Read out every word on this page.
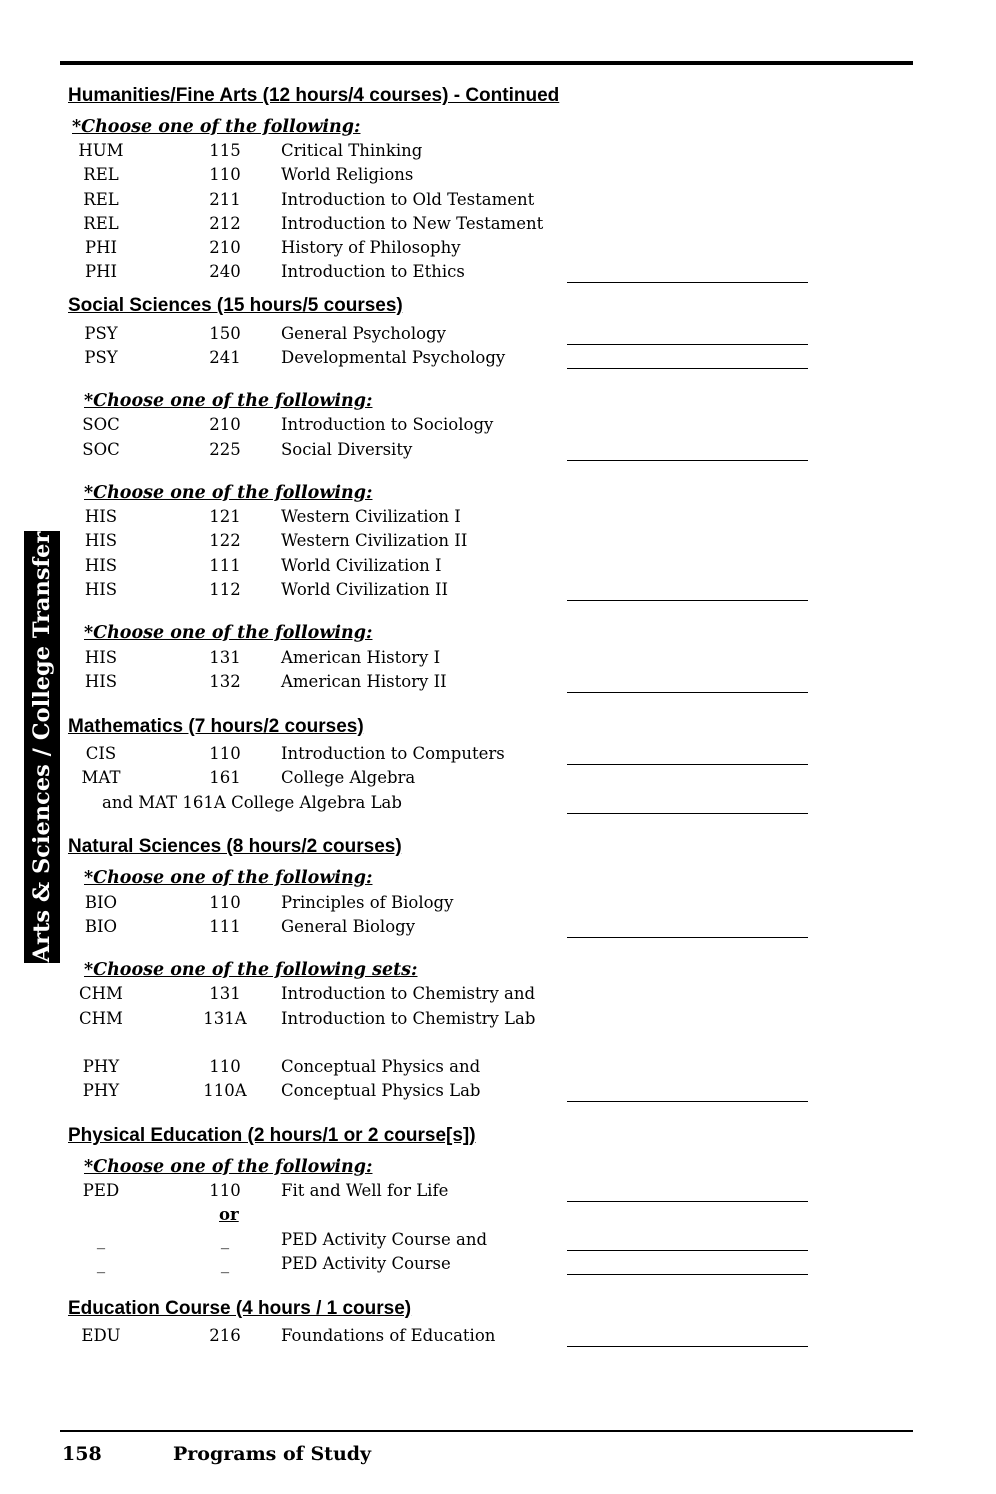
Humanities/Fine Arts (12 hours/4 courses) - Continued
*Choose one of the following:
HUM	115	Critical Thinking
REL	110	World Religions
REL	211	Introduction to Old Testament
REL	212	Introduction to New Testament
PHI	210	History of Philosophy
PHI	240	Introduction to Ethics
Social Sciences (15 hours/5 courses)
PSY	150	General Psychology
PSY	241	Developmental Psychology
*Choose one of the following:
SOC	210	Introduction to Sociology
SOC	225	Social Diversity
*Choose one of the following:
HIS	121	Western Civilization I
HIS	122	Western Civilization II
HIS	111	World Civilization I
HIS	112	World Civilization II
*Choose one of the following:
HIS	131	American History I
HIS	132	American History II
Mathematics (7 hours/2 courses)
CIS	110	Introduction to Computers
MAT	161	College Algebra
and MAT 161A College Algebra Lab
Natural Sciences (8 hours/2 courses)
*Choose one of the following:
BIO	110	Principles of Biology
BIO	111	General Biology
*Choose one of the following sets:
CHM	131	Introduction to Chemistry and
CHM	131A	Introduction to Chemistry Lab
PHY	110	Conceptual Physics and
PHY	110A	Conceptual Physics Lab
Physical Education (2 hours/1 or 2 course[s])
*Choose one of the following:
PED	110	Fit and Well for Life
or
_	_	PED Activity Course and
_	_	PED Activity Course
Education Course (4 hours / 1 course)
EDU	216	Foundations of Education
Arts & Sciences / College Transfer
158	Programs of Study
